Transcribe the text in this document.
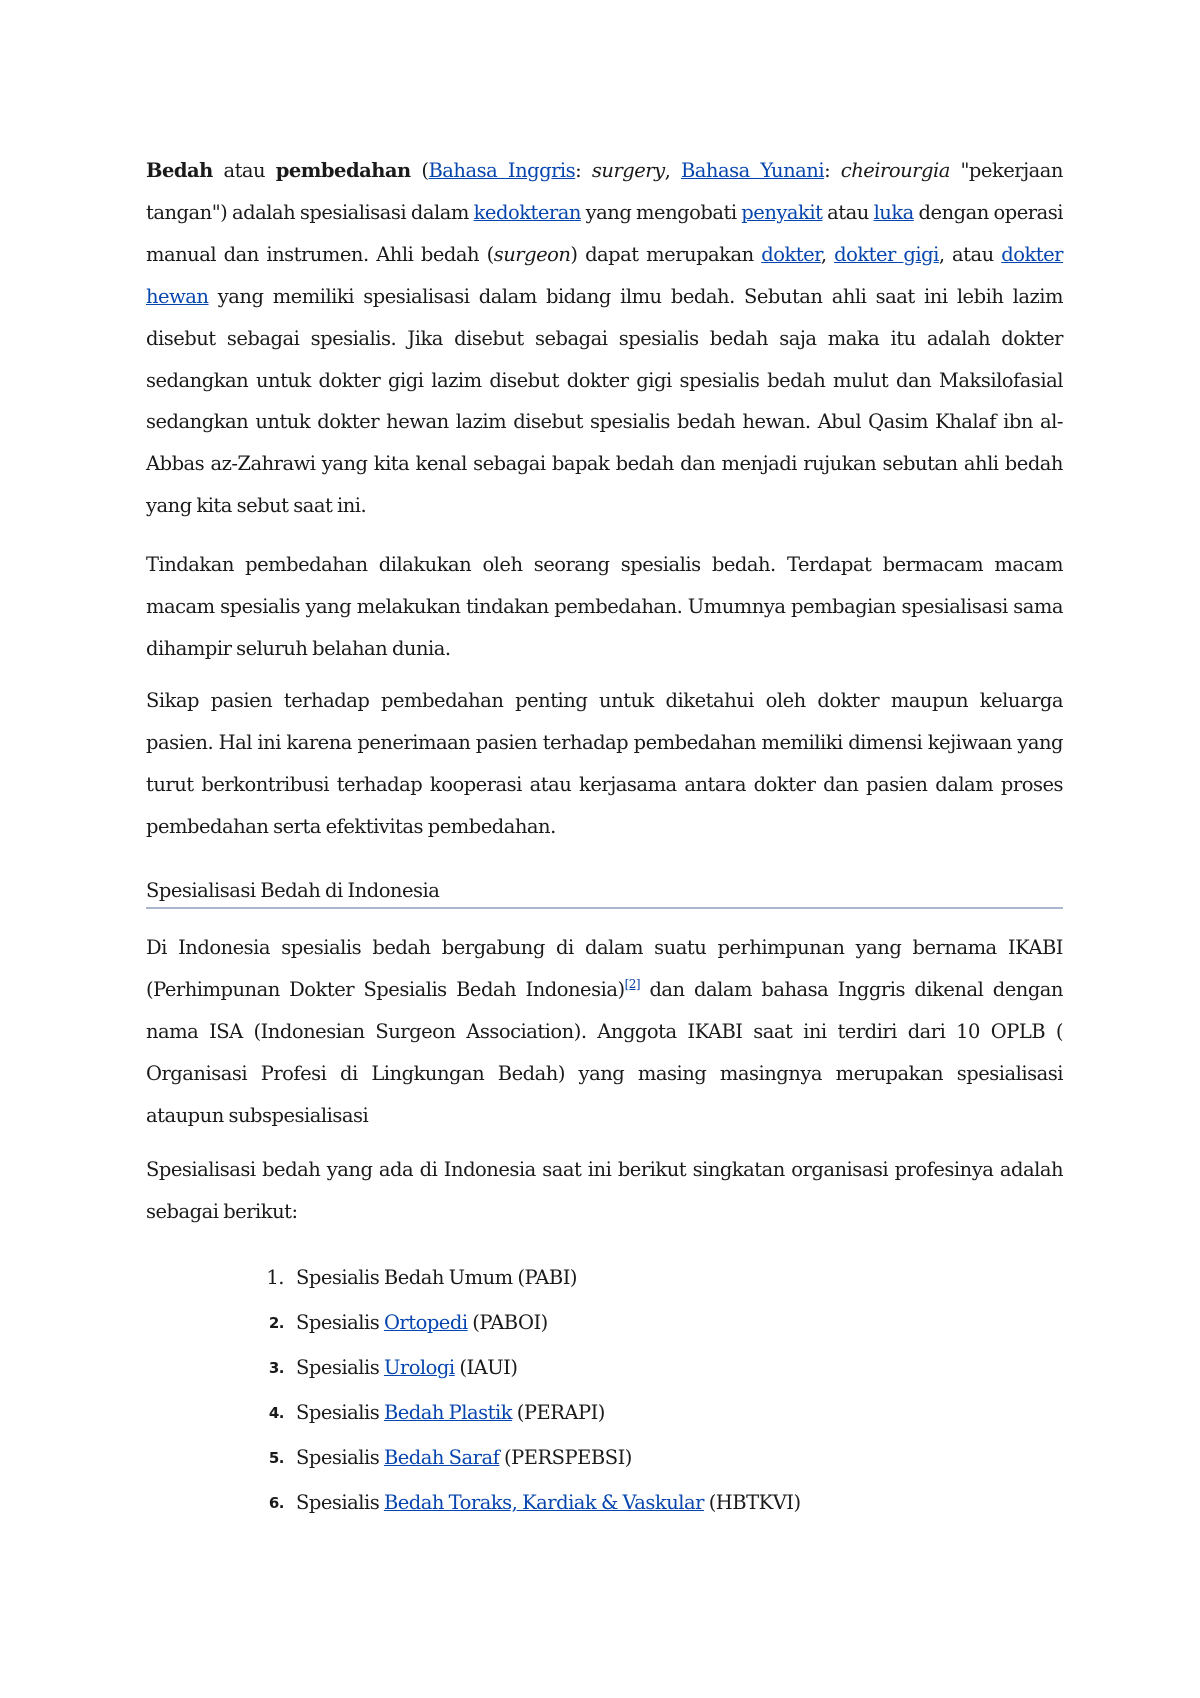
Bedah atau pembedahan (Bahasa Inggris: surgery, Bahasa Yunani: cheirourgia "pekerjaan tangan") adalah spesialisasi dalam kedokteran yang mengobati penyakit atau luka dengan operasi manual dan instrumen. Ahli bedah (surgeon) dapat merupakan dokter, dokter gigi, atau dokter hewan yang memiliki spesialisasi dalam bidang ilmu bedah. Sebutan ahli saat ini lebih lazim disebut sebagai spesialis. Jika disebut sebagai spesialis bedah saja maka itu adalah dokter sedangkan untuk dokter gigi lazim disebut dokter gigi spesialis bedah mulut dan Maksilofasial sedangkan untuk dokter hewan lazim disebut spesialis bedah hewan. Abul Qasim Khalaf ibn al-Abbas az-Zahrawi yang kita kenal sebagai bapak bedah dan menjadi rujukan sebutan ahli bedah yang kita sebut saat ini.

Tindakan pembedahan dilakukan oleh seorang spesialis bedah. Terdapat bermacam macam macam spesialis yang melakukan tindakan pembedahan. Umumnya pembagian spesialisasi sama dihampir seluruh belahan dunia.

Sikap pasien terhadap pembedahan penting untuk diketahui oleh dokter maupun keluarga pasien. Hal ini karena penerimaan pasien terhadap pembedahan memiliki dimensi kejiwaan yang turut berkontribusi terhadap kooperasi atau kerjasama antara dokter dan pasien dalam proses pembedahan serta efektivitas pembedahan.

Spesialisasi Bedah di Indonesia

Di Indonesia spesialis bedah bergabung di dalam suatu perhimpunan yang bernama IKABI (Perhimpunan Dokter Spesialis Bedah Indonesia)[2] dan dalam bahasa Inggris dikenal dengan nama ISA (Indonesian Surgeon Association). Anggota IKABI saat ini terdiri dari 10 OPLB ( Organisasi Profesi di Lingkungan Bedah) yang masing masingnya merupakan spesialisasi ataupun subspesialisasi

Spesialisasi bedah yang ada di Indonesia saat ini berikut singkatan organisasi profesinya adalah sebagai berikut:

1. Spesialis Bedah Umum (PABI)
2. Spesialis Ortopedi (PABOI)
3. Spesialis Urologi (IAUI)
4. Spesialis Bedah Plastik (PERAPI)
5. Spesialis Bedah Saraf (PERSPEBSI)
6. Spesialis Bedah Toraks, Kardiak & Vaskular (HBTKVI)
